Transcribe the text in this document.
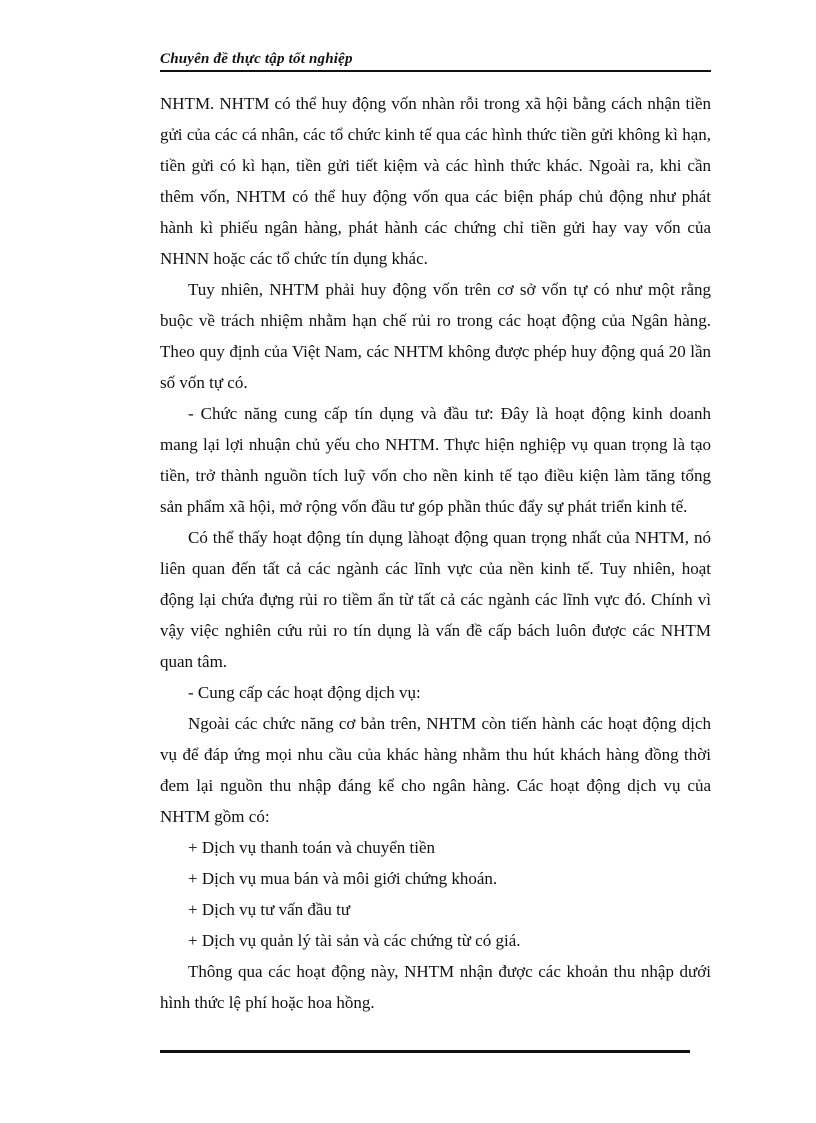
Chuyên đề thực tập tốt nghiệp

NHTM. NHTM có thể huy động vốn nhàn rỗi trong xã hội bằng cách nhận tiền gửi của các cá nhân, các tổ chức kinh tế qua các hình thức tiền gửi không kì hạn, tiền gửi có kì hạn, tiền gửi tiết kiệm và các hình thức khác. Ngoài ra, khi cần thêm vốn, NHTM có thể huy động vốn qua các biện pháp chủ động như phát hành kì phiếu ngân hàng, phát hành các chứng chỉ tiền gửi hay vay vốn của NHNN hoặc các tổ chức tín dụng khác.

Tuy nhiên, NHTM phải huy động vốn trên cơ sở vốn tự có như một rằng buộc về trách nhiệm nhằm hạn chế rủi ro trong các hoạt động của Ngân hàng. Theo quy định của Việt Nam, các NHTM không được phép huy động quá 20 lần số vốn tự có.

- Chức năng cung cấp tín dụng và đầu tư: Đây là hoạt động kinh doanh mang lại lợi nhuận chủ yếu cho NHTM. Thực hiện nghiệp vụ quan trọng là tạo tiền, trở thành nguồn tích luỹ vốn cho nền kinh tế tạo điều kiện làm tăng tổng sản phẩm xã hội, mở rộng vốn đầu tư góp phần thúc đẩy sự phát triển kinh tế.

Có thể thấy hoạt động tín dụng làhoạt động quan trọng nhất của NHTM, nó liên quan đến tất cả các ngành các lĩnh vực của nền kinh tế. Tuy nhiên, hoạt động lại chứa đựng rủi ro tiềm ẩn từ tất cả các ngành các lĩnh vực đó. Chính vì vậy việc nghiên cứu rủi ro tín dụng là vấn đề cấp bách luôn được các NHTM quan tâm.

- Cung cấp các hoạt động dịch vụ:

Ngoài các chức năng cơ bản trên, NHTM còn tiến hành các hoạt động dịch vụ để đáp ứng mọi nhu cầu của khác hàng nhằm thu hút khách hàng đồng thời đem lại nguồn thu nhập đáng kể cho ngân hàng. Các hoạt động dịch vụ của NHTM gồm có:

+ Dịch vụ thanh toán và chuyển tiền

+ Dịch vụ mua bán và môi giới chứng khoán.

+ Dịch vụ tư vấn đầu tư

+ Dịch vụ quản lý tài sản và các chứng từ có giá.

Thông qua các hoạt động này, NHTM nhận được các khoản thu nhập dưới hình thức lệ phí hoặc hoa hồng.
